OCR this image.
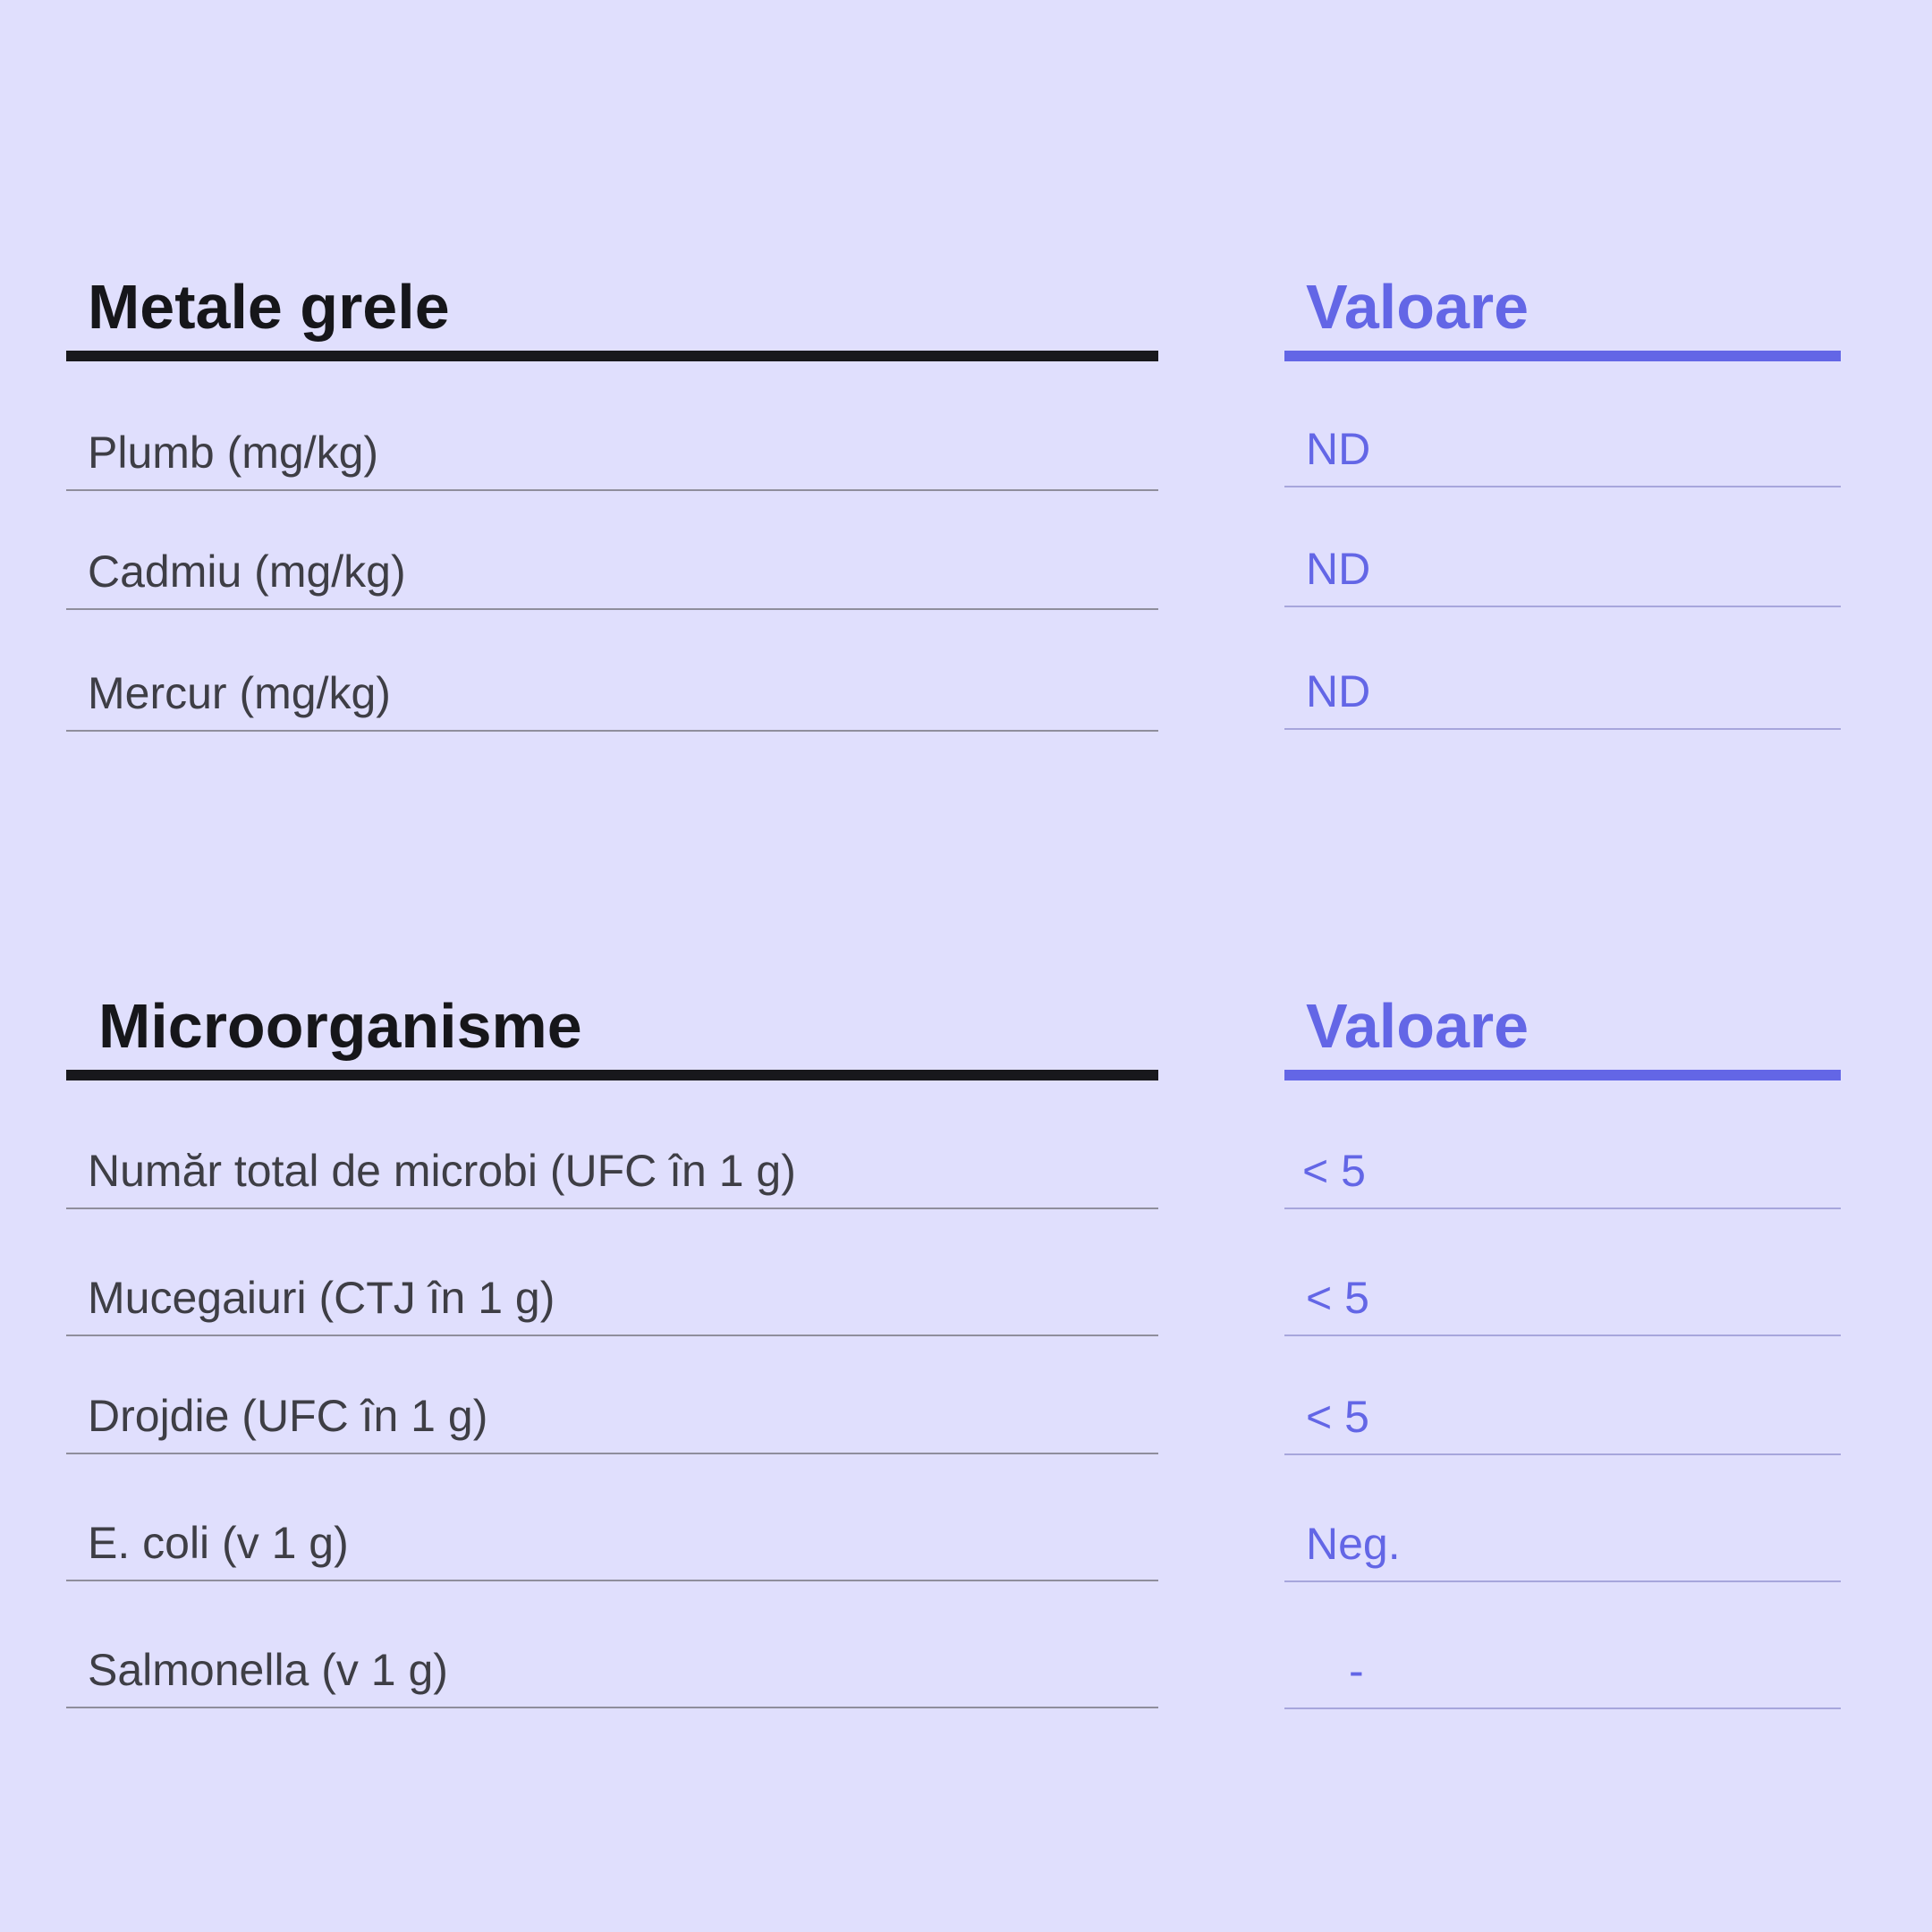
Metale grele
Plumb (mg/kg)
Cadmiu (mg/kg)
Mercur (mg/kg)
Valoare
ND
ND
ND
Microorganisme
Număr total de microbi (UFC în 1 g)
Mucegaiuri (CTJ în 1 g)
Drojdie (UFC în 1 g)
E. coli (v 1 g)
Salmonella (v 1 g)
Valoare
< 5
< 5
< 5
Neg.
-
